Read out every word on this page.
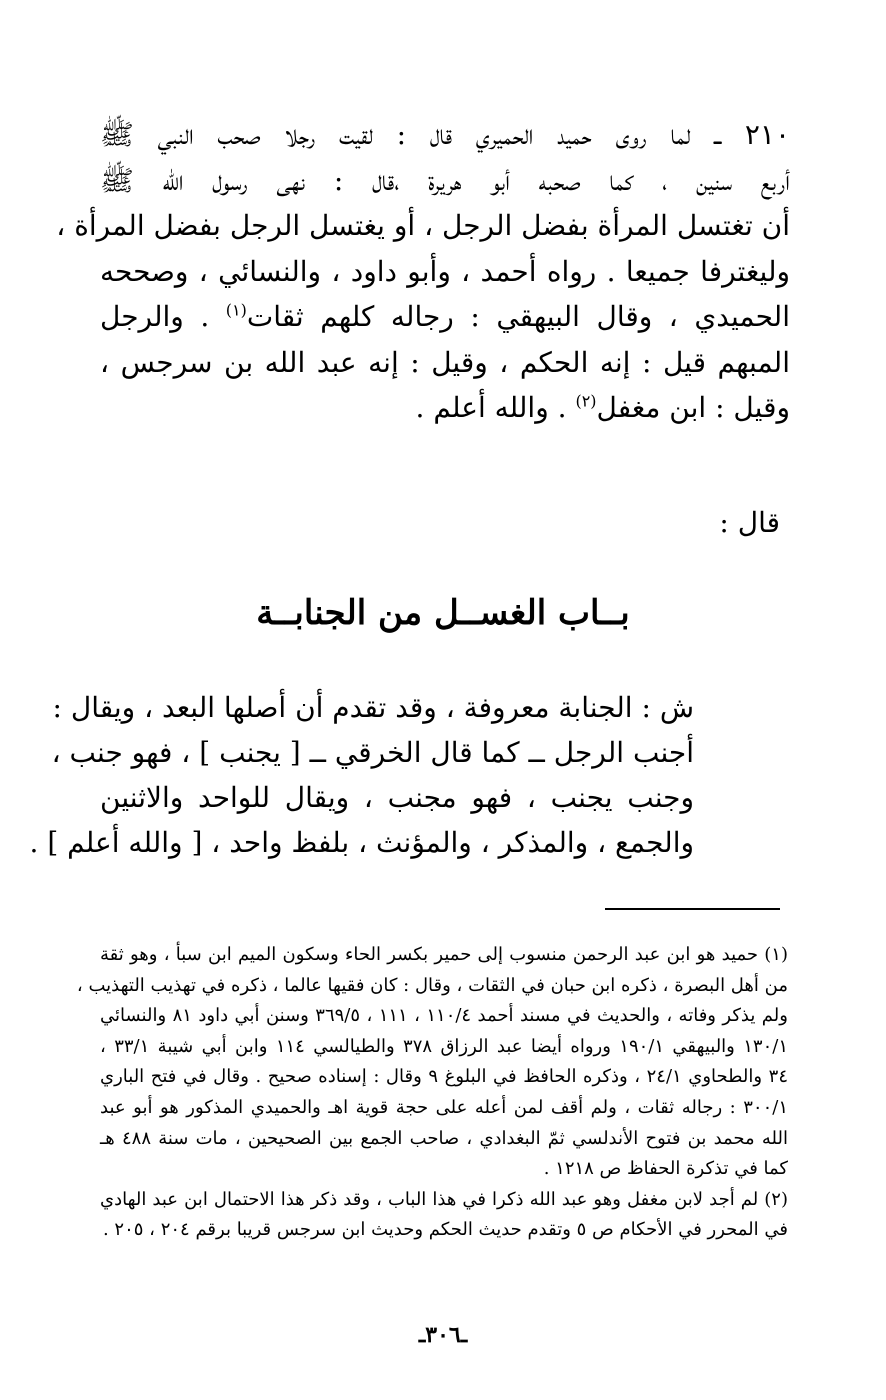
٢١٠ ــ لما روى حميد الحميري قال : لقيت رجلا صحب النبي ﷺ
أربع سنين ، كما صحبه أبو هريرة ،قال : نهى رسول الله ﷺ
أن تغتسل المرأة بفضل الرجل ، أو يغتسل الرجل بفضل المرأة ،
وليغترفا جميعا . رواه أحمد ، وأبو داود ، والنسائي ، وصححه
الحميدي ، وقال البيهقي : رجاله كلهم ثقات$^{(١)}$ . والرجل
المبهم قيل : إنه الحكم ، وقيل : إنه عبد الله بن سرجس ،
وقيل : ابن مغفل$^{(٢)}$ . والله أعلم .
قال :
بــاب الغســل من الجنابــة
ش : الجنابة معروفة ، وقد تقدم أن أصلها البعد ، ويقال :
أجنب الرجل ــ كما قال الخرقي ــ [ يجنب ] ، فهو جنب ،
وجنب يجنب ، فهو مجنب ، ويقال للواحد والاثنين
والجمع ، والمذكر ، والمؤنث ، بلفظ واحد ، [ والله أعلم ] .
(١) حميد هو ابن عبد الرحمن منسوب إلى حمير بكسر الحاء وسكون الميم ابن سبأ ، وهو ثقة
من أهل البصرة ، ذكره ابن حبان في الثقات ، وقال : كان فقيها عالما ، ذكره في تهذيب التهذيب ،
ولم يذكر وفاته ، والحديث في مسند أحمد ١١٠/٤ ، ١١١ ، ٣٦٩/٥ وسنن أبي داود ٨١ والنسائي
١٣٠/١ والبيهقي ١٩٠/١ ورواه أيضا عبد الرزاق ٣٧٨ والطيالسي ١١٤ وابن أبي شيبة ٣٣/١ ،
٣٤ والطحاوي ٢٤/١ ، وذكره الحافظ في البلوغ ٩ وقال : إسناده صحيح . وقال في فتح الباري
٣٠٠/١ : رجاله ثقات ، ولم أقف لمن أعله على حجة قوية اهـ والحميدي المذكور هو أبو عبد
الله محمد بن فتوح الأندلسي ثمّ البغدادي ، صاحب الجمع بين الصحيحين ، مات سنة ٤٨٨ هـ
كما في تذكرة الحفاظ ص ١٢١٨ .
(٢) لم أجد لابن مغفل وهو عبد الله ذكرا في هذا الباب ، وقد ذكر هذا الاحتمال ابن عبد الهادي
في المحرر في الأحكام ص ٥ وتقدم حديث الحكم وحديث ابن سرجس قريبا برقم ٢٠٤ ، ٢٠٥ .
ـ٣٠٦ـ
